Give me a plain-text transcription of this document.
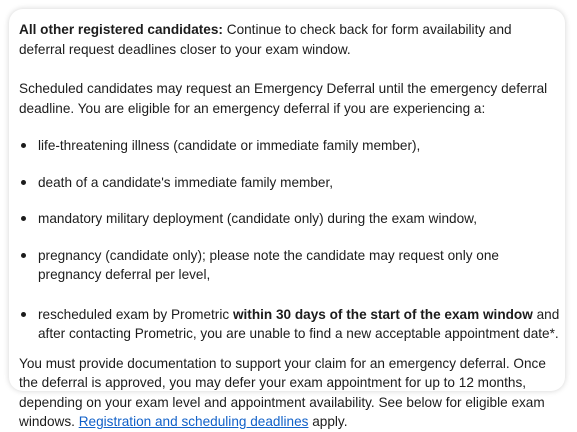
All other registered candidates: Continue to check back for form availability and deferral request deadlines closer to your exam window.

Scheduled candidates may request an Emergency Deferral until the emergency deferral deadline. You are eligible for an emergency deferral if you are experiencing a:

life-threatening illness (candidate or immediate family member),
death of a candidate's immediate family member,
mandatory military deployment (candidate only) during the exam window,
pregnancy (candidate only); please note the candidate may request only one pregnancy deferral per level,
rescheduled exam by Prometric within 30 days of the start of the exam window and after contacting Prometric, you are unable to find a new acceptable appointment date*.

You must provide documentation to support your claim for an emergency deferral. Once the deferral is approved, you may defer your exam appointment for up to 12 months, depending on your exam level and appointment availability. See below for eligible exam windows. Registration and scheduling deadlines apply.
